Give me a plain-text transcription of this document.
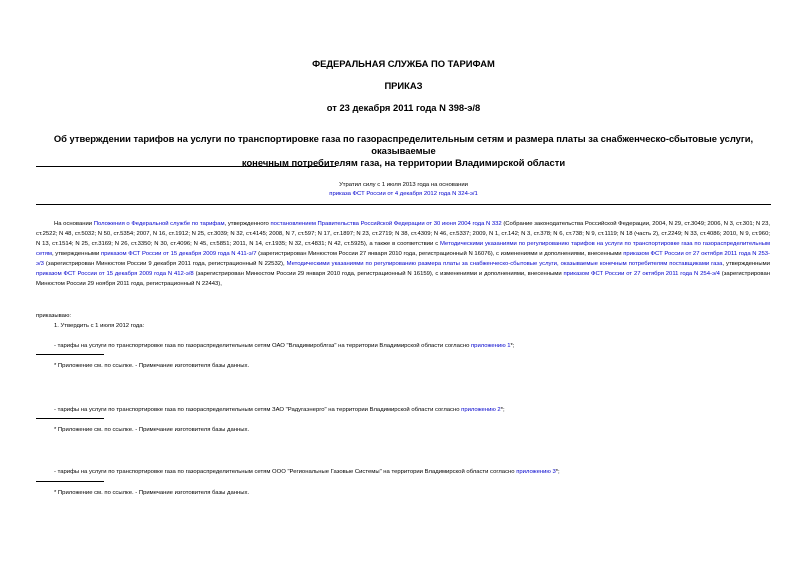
ФЕДЕРАЛЬНАЯ СЛУЖБА ПО ТАРИФАМ
ПРИКАЗ
от 23 декабря 2011 года N 398-э/8
Об утверждении тарифов на услуги по транспортировке газа по газораспределительным сетям и размера платы за снабженческо-сбытовые услуги, оказываемые
конечным потребителям газа, на территории Владимирской области
Утратил силу с 1 июля 2013 года на основании
приказа ФСТ России от 4 декабря 2012 года N 324-э/1
На основании Положения о Федеральной службе по тарифам, утвержденного постановлением Правительства Российской Федерации от 30 июня 2004 года N 332 (Собрание законодательства Российской Федерации, 2004, N 29, ст.3049; 2006, N 3, ст.301; N 23, ст.2522; N 48, ст.5032; N 50, ст.5354; 2007, N 16, ст.1912; N 25, ст.3039; N 32, ст.4145; 2008, N 7, ст.597; N 17, ст.1897; N 23, ст.2719; N 38, ст.4309; N 46, ст.5337; 2009, N 1, ст.142; N 3, ст.378; N 6, ст.738; N 9, ст.1119; N 18 (часть 2), ст.2249; N 33, ст.4086; 2010, N 9, ст.960; N 13, ст.1514; N 25, ст.3169; N 26, ст.3350; N 30, ст.4096; N 45, ст.5851; 2011, N 14, ст.1935; N 32, ст.4831; N 42, ст.5925), а также в соответствии с Методическими указаниями по регулированию тарифов на услуги по транспортировке газа по газораспределительным сетям, утвержденными приказом ФСТ России от 15 декабря 2009 года N 411-э/7 (зарегистрирован Минюстом России 27 января 2010 года, регистрационный N 16076), с изменениями и дополнениями, внесенными приказом ФСТ России от 27 октября 2011 года N 253-э/3 (зарегистрирован Минюстом России 9 декабря 2011 года, регистрационный N 22532), Методическими указаниями по регулированию размера платы за снабженческо-сбытовые услуги, оказываемые конечным потребителям поставщиками газа, утвержденными приказом ФСТ России от 15 декабря 2009 года N 412-э/8 (зарегистрирован Минюстом России 29 января 2010 года, регистрационный N 16159), с изменениями и дополнениями, внесенными приказом ФСТ России от 27 октября 2011 года N 254-э/4 (зарегистрирован Минюстом России 29 ноября 2011 года, регистрационный N 22443),
приказываю:
1. Утвердить с 1 июля 2012 года:
- тарифы на услуги по транспортировке газа по газораспределительным сетям ОАО "Владимироблгаз" на территории Владимирской области согласно приложению 1*;
* Приложение см. по ссылке. - Примечание изготовителя базы данных.
- тарифы на услуги по транспортировке газа по газораспределительным сетям ЗАО "Радугаэнерго" на территории Владимирской области согласно приложению 2*;
* Приложение см. по ссылке. - Примечание изготовителя базы данных.
- тарифы на услуги по транспортировке газа по газораспределительным сетям ООО "Региональные Газовые Системы" на территории Владимирской области согласно приложению 3*;
* Приложение см. по ссылке. - Примечание изготовителя базы данных.
